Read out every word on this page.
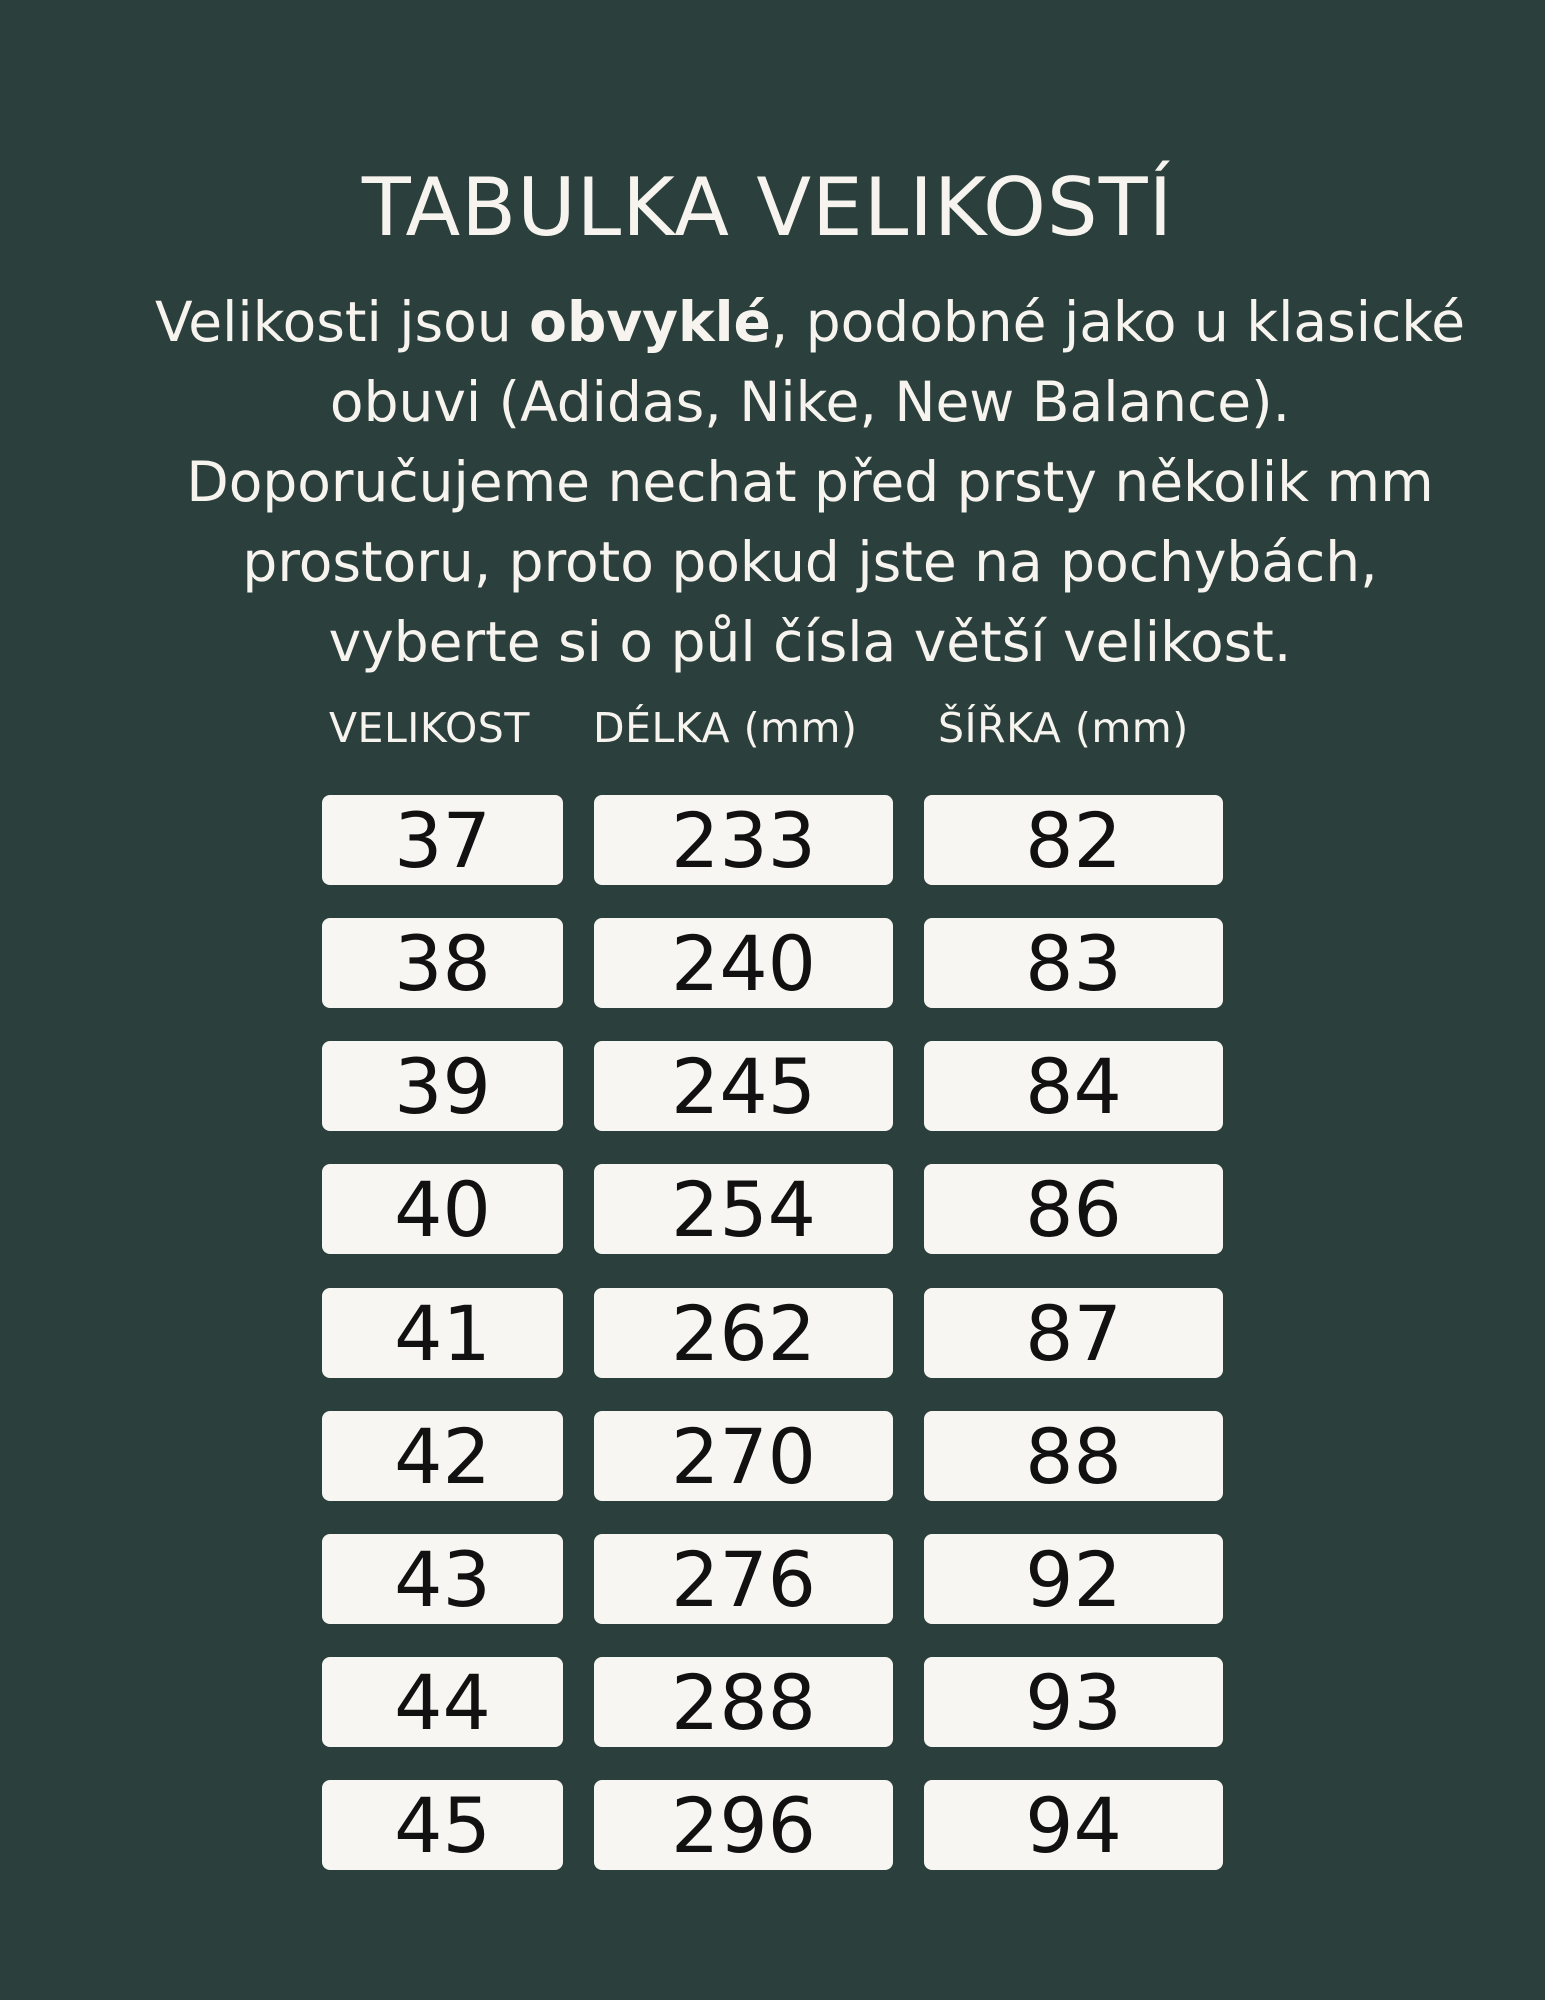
TABULKA VELIKOSTÍ
Velikosti jsou obvyklé, podobné jako u klasické
obuvi (Adidas, Nike, New Balance).
Doporučujeme nechat před prsty několik mm
prostoru, proto pokud jste na pochybách,
vyberte si o půl čísla větší velikost.
VELIKOST DÉLKA (mm) ŠÍŘKA (mm)
37	233	82
38	240	83
39	245	84
40	254	86
41	262	87
42	270	88
43	276	92
44	288	93
45	296	94
